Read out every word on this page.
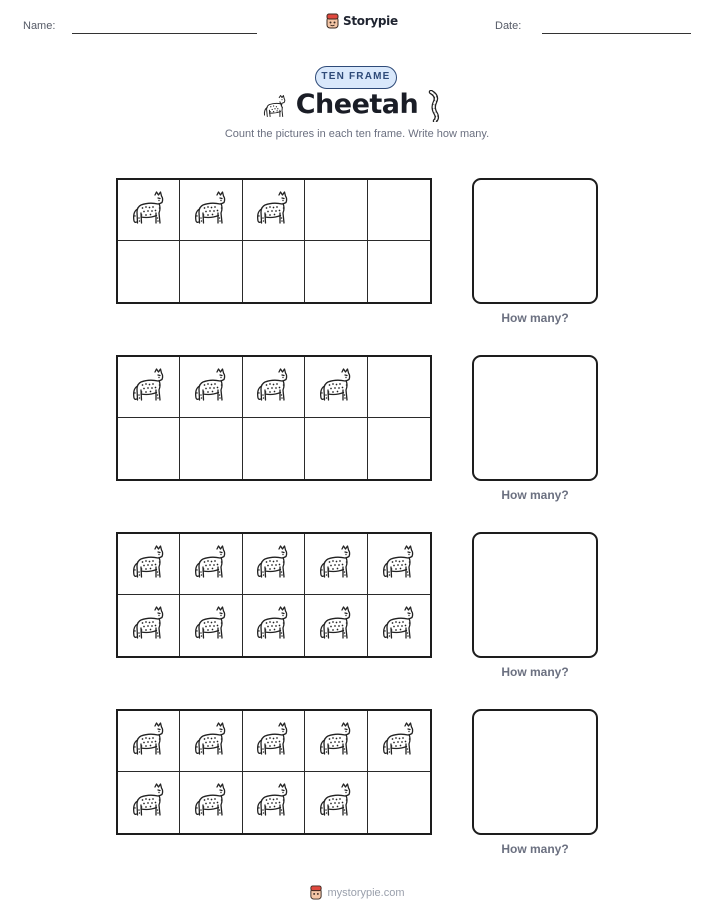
Name:	Storypie	Date:
TEN FRAME
Cheetah
Count the pictures in each ten frame. Write how many.
How many?
How many?
How many?
How many?
mystorypie.com
